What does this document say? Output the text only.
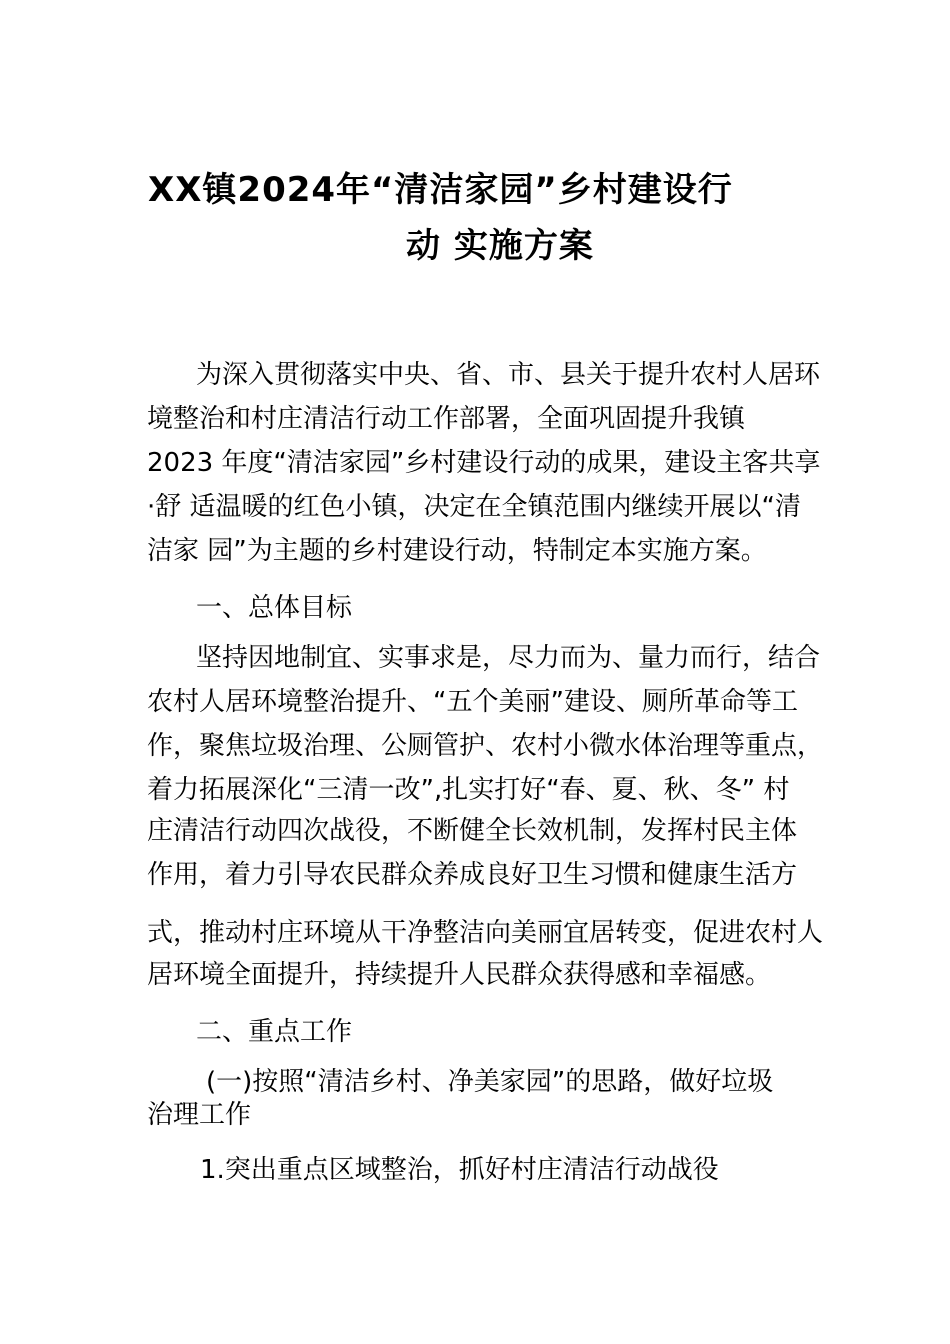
XX镇2024年“清洁家园”乡村建设行
动 实施方案

为深入贯彻落实中央、省、市、县关于提升农村人居环

境整治和村庄清洁行动工作部署，全面巩固提升我镇

2023 年度“清洁家园”乡村建设行动的成果，建设主客共享

·舒 适温暖的红色小镇，决定在全镇范围内继续开展以“清

洁家 园”为主题的乡村建设行动，特制定本实施方案。

一、总体目标

坚持因地制宜、实事求是，尽力而为、量力而行，结合

农村人居环境整治提升、“五个美丽”建设、厕所革命等工

作，聚焦垃圾治理、公厕管护、农村小微水体治理等重点，

着力拓展深化“三清一改”,扎实打好“春、夏、秋、冬” 村

庄清洁行动四次战役，不断健全长效机制，发挥村民主体

作用，着力引导农民群众养成良好卫生习惯和健康生活方

式，推动村庄环境从干净整洁向美丽宜居转变，促进农村人

居环境全面提升，持续提升人民群众获得感和幸福感。

二、重点工作

(一)按照“清洁乡村、净美家园”的思路，做好垃圾

治理工作

1.突出重点区域整治，抓好村庄清洁行动战役
